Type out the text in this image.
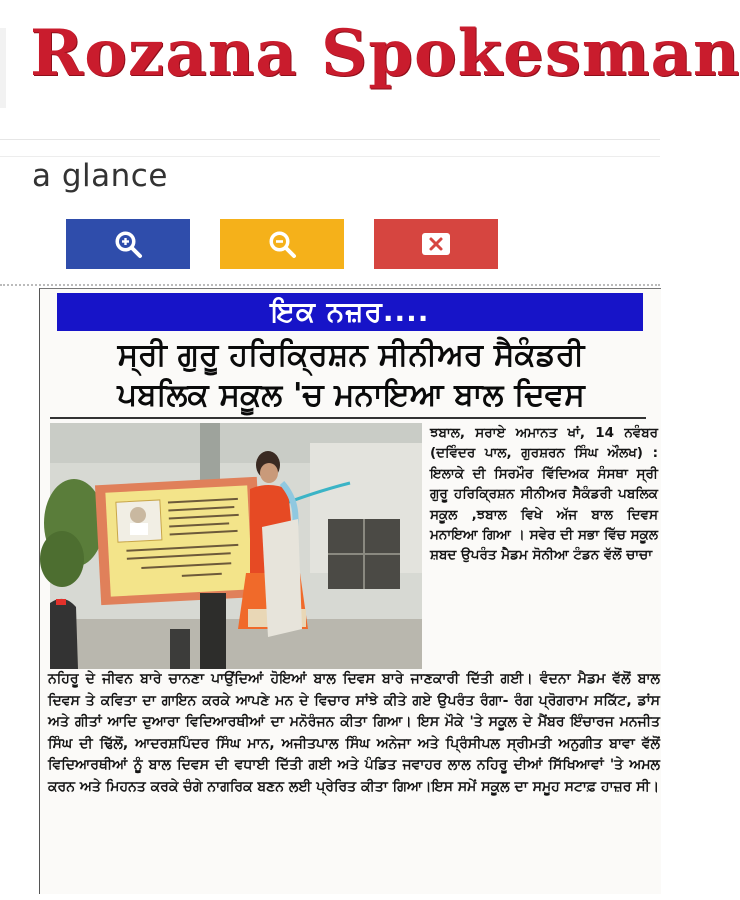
Rozana Spokesman
a glance
ਇਕ ਨਜ਼ਰ....
ਸ੍ਰੀ ਗੁਰੂ ਹਰਿਕ੍ਰਿਸ਼ਨ ਸੀਨੀਅਰ ਸੈਕੰਡਰੀ
ਪਬਲਿਕ ਸਕੂਲ 'ਚ ਮਨਾਇਆ ਬਾਲ ਦਿਵਸ
ਝਬਾਲ, ਸਰਾਏ ਅਮਾਨਤ ਖਾਂ, 14 ਨਵੰਬਰ (ਦਵਿੰਦਰ ਪਾਲ, ਗੁਰਸ਼ਰਨ ਸਿੰਘ ਔਲਖ) : ਇਲਾਕੇ ਦੀ ਸਿਰਮੌਰ ਵਿੱਦਿਅਕ ਸੰਸਥਾ ਸ੍ਰੀ ਗੁਰੂ ਹਰਿਕ੍ਰਿਸ਼ਨ ਸੀਨੀਅਰ ਸੈਕੰਡਰੀ ਪਬਲਿਕ ਸਕੂਲ ,ਝਬਾਲ ਵਿਖੇ ਅੱਜ ਬਾਲ ਦਿਵਸ ਮਨਾਇਆ ਗਿਆ । ਸਵੇਰ ਦੀ ਸਭਾ ਵਿੱਚ ਸਕੂਲ ਸ਼ਬਦ ਉਪਰੰਤ ਮੈਡਮ ਸੋਨੀਆ ਟੰਡਨ ਵੱਲੋਂ ਚਾਚਾ
ਨਹਿਰੂ ਦੇ ਜੀਵਨ ਬਾਰੇ ਚਾਨਣਾ ਪਾਉਂਦਿਆਂ ਹੋਇਆਂ ਬਾਲ ਦਿਵਸ ਬਾਰੇ ਜਾਣਕਾਰੀ ਦਿੱਤੀ ਗਈ। ਵੰਦਨਾ ਮੈਡਮ ਵੱਲੋਂ ਬਾਲ ਦਿਵਸ ਤੇ ਕਵਿਤਾ ਦਾ ਗਾਇਨ ਕਰਕੇ ਆਪਣੇ ਮਨ ਦੇ ਵਿਚਾਰ ਸਾਂਝੇ ਕੀਤੇ ਗਏ ਉਪਰੰਤ ਰੰਗਾ- ਰੰਗ ਪ੍ਰੋਗਰਾਮ ਸਕਿੱਟ, ਡਾਂਸ ਅਤੇ ਗੀਤਾਂ ਆਦਿ ਦੁਆਰਾ ਵਿਦਿਆਰਥੀਆਂ ਦਾ ਮਨੋਰੰਜਨ ਕੀਤਾ ਗਿਆ। ਇਸ ਮੌਕੇ 'ਤੇ ਸਕੂਲ ਦੇ ਮੈਂਬਰ ਇੰਚਾਰਜ ਮਨਜੀਤ ਸਿੰਘ ਦੀ ਢਿੱਲੋਂ, ਆਦਰਸ਼ਪਿੰਦਰ ਸਿੰਘ ਮਾਨ, ਅਜੀਤਪਾਲ ਸਿੰਘ ਅਨੇਜਾ ਅਤੇ ਪ੍ਰਿੰਸੀਪਲ ਸ੍ਰੀਮਤੀ ਅਨੁਗੀਤ ਬਾਵਾ ਵੱਲੋਂ ਵਿਦਿਆਰਥੀਆਂ ਨੂੰ ਬਾਲ ਦਿਵਸ ਦੀ ਵਧਾਈ ਦਿੱਤੀ ਗਈ ਅਤੇ ਪੰਡਿਤ ਜਵਾਹਰ ਲਾਲ ਨਹਿਰੂ ਦੀਆਂ ਸਿੱਖਿਆਵਾਂ 'ਤੇ ਅਮਲ ਕਰਨ ਅਤੇ ਮਿਹਨਤ ਕਰਕੇ ਚੰਗੇ ਨਾਗਰਿਕ ਬਣਨ ਲਈ ਪ੍ਰੇਰਿਤ ਕੀਤਾ ਗਿਆ।ਇਸ ਸਮੇਂ ਸਕੂਲ ਦਾ ਸਮੂਹ ਸਟਾਫ਼ ਹਾਜ਼ਰ ਸੀ।
